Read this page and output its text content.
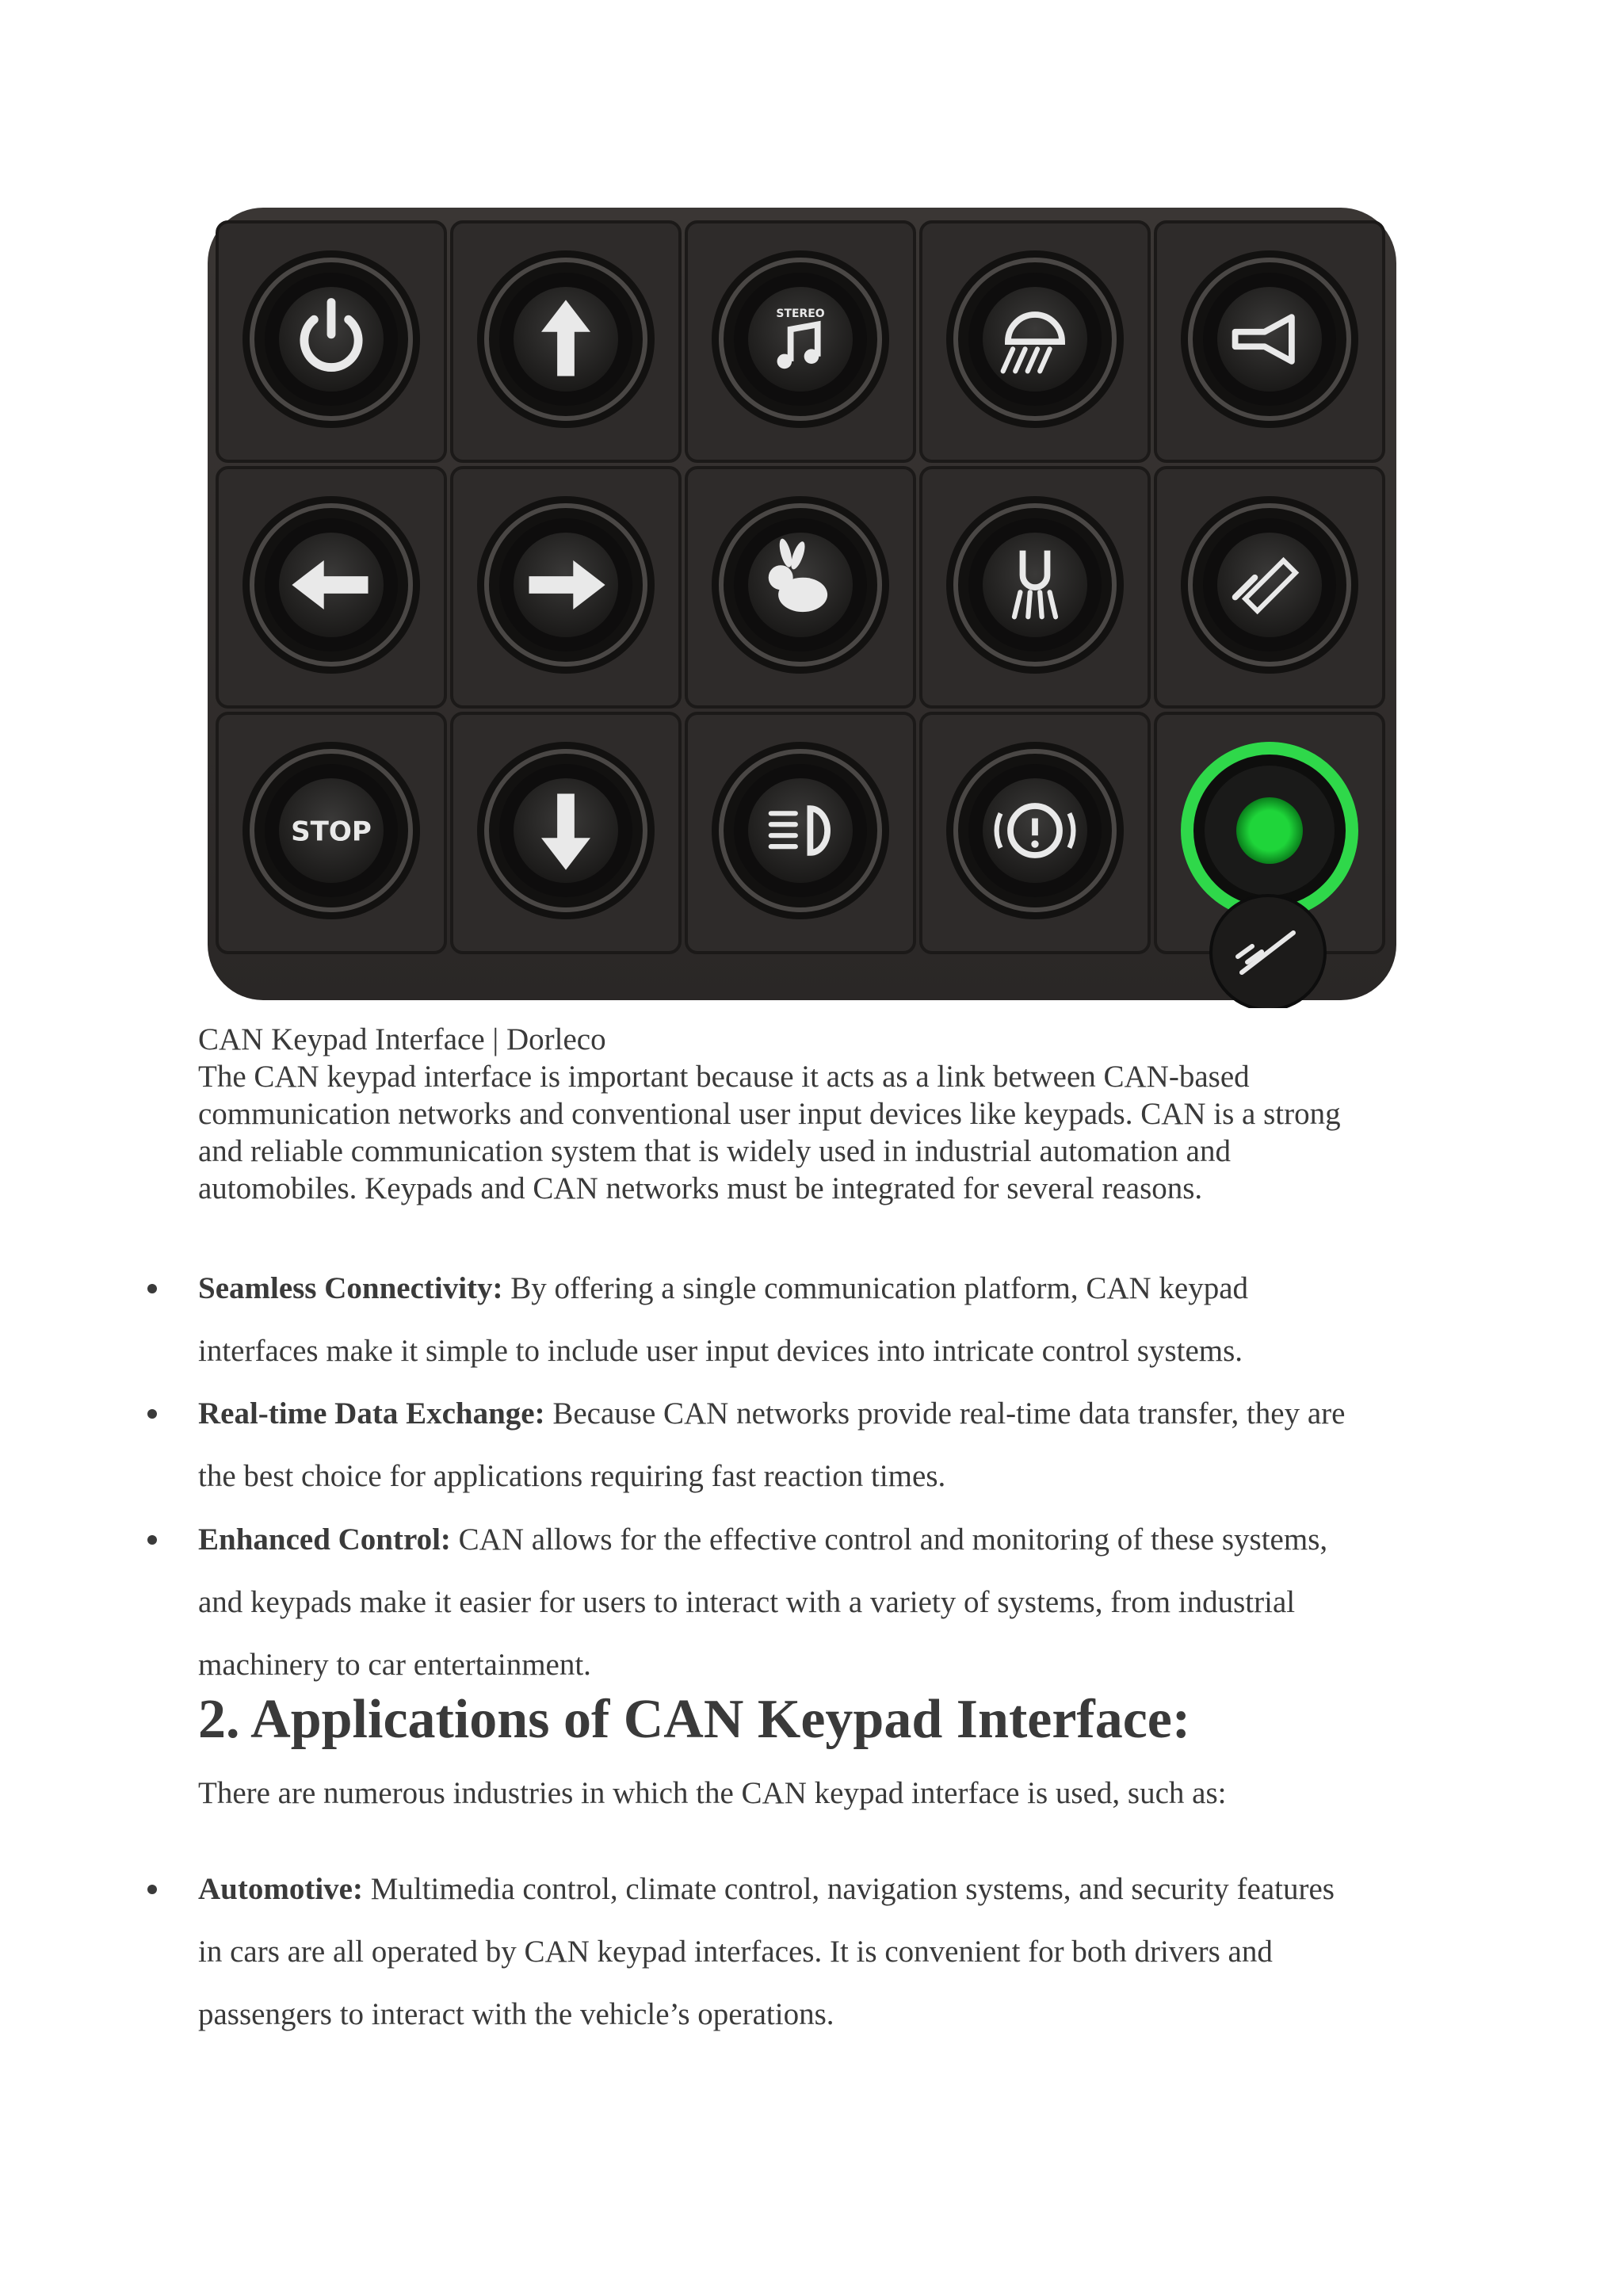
STEREO
STOP
CAN Keypad Interface | Dorleco
The CAN keypad interface is important because it acts as a link between CAN-based
communication networks and conventional user input devices like keypads. CAN is a strong
and reliable communication system that is widely used in industrial automation and
automobiles. Keypads and CAN networks must be integrated for several reasons.
Seamless Connectivity: By offering a single communication platform, CAN keypad
interfaces make it simple to include user input devices into intricate control systems.
Real-time Data Exchange: Because CAN networks provide real-time data transfer, they are
the best choice for applications requiring fast reaction times.
Enhanced Control: CAN allows for the effective control and monitoring of these systems,
and keypads make it easier for users to interact with a variety of systems, from industrial
machinery to car entertainment.
2. Applications of CAN Keypad Interface:
There are numerous industries in which the CAN keypad interface is used, such as:
Automotive: Multimedia control, climate control, navigation systems, and security features
in cars are all operated by CAN keypad interfaces. It is convenient for both drivers and
passengers to interact with the vehicle’s operations.
